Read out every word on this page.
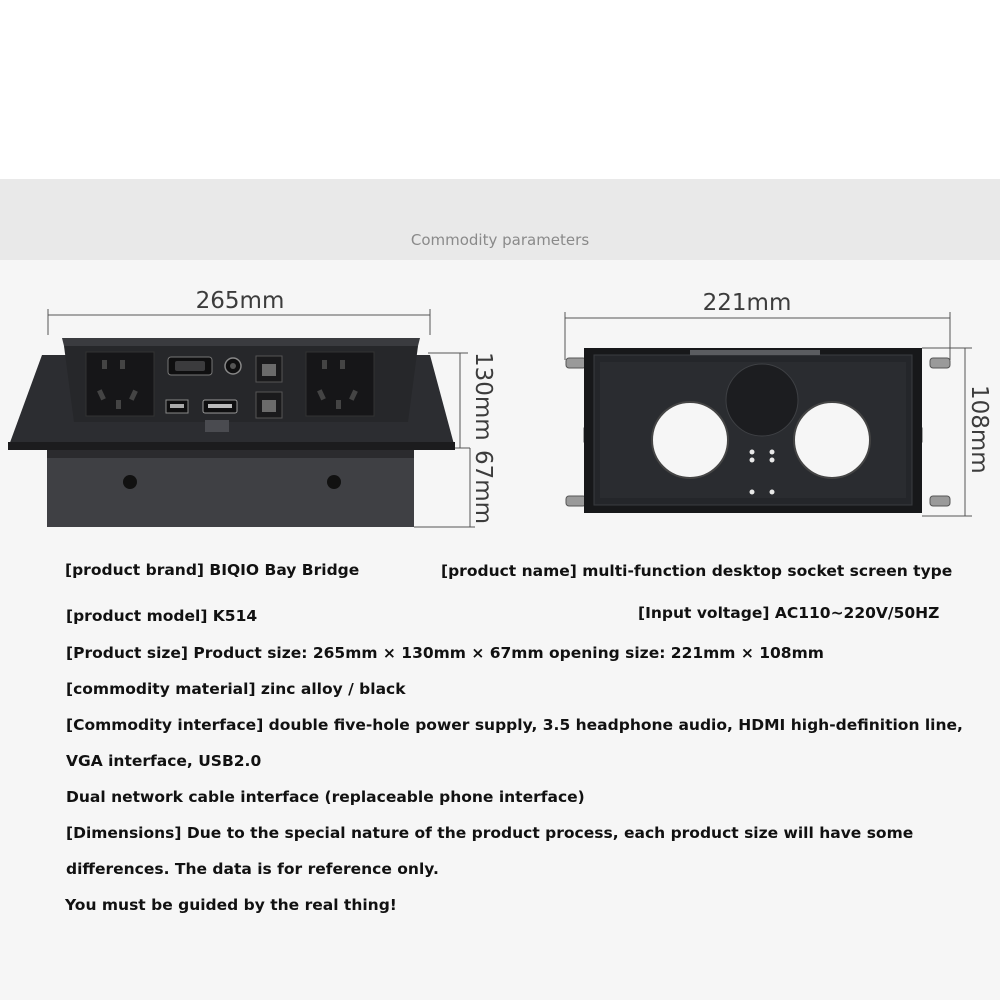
Commodity parameters
265mm
130mm
67mm
221mm
108mm
[product brand] BIQIO Bay Bridge	[product name] multi-function desktop socket screen type
[product model] K514	[Input voltage] AC110~220V/50HZ
[Product size] Product size: 265mm × 130mm × 67mm opening size: 221mm × 108mm
[commodity material] zinc alloy / black
[Commodity interface] double five-hole power supply, 3.5 headphone audio, HDMI high-definition line,
VGA interface, USB2.0
Dual network cable interface (replaceable phone interface)
[Dimensions] Due to the special nature of the product process, each product size will have some
differences. The data is for reference only.
You must be guided by the real thing!
